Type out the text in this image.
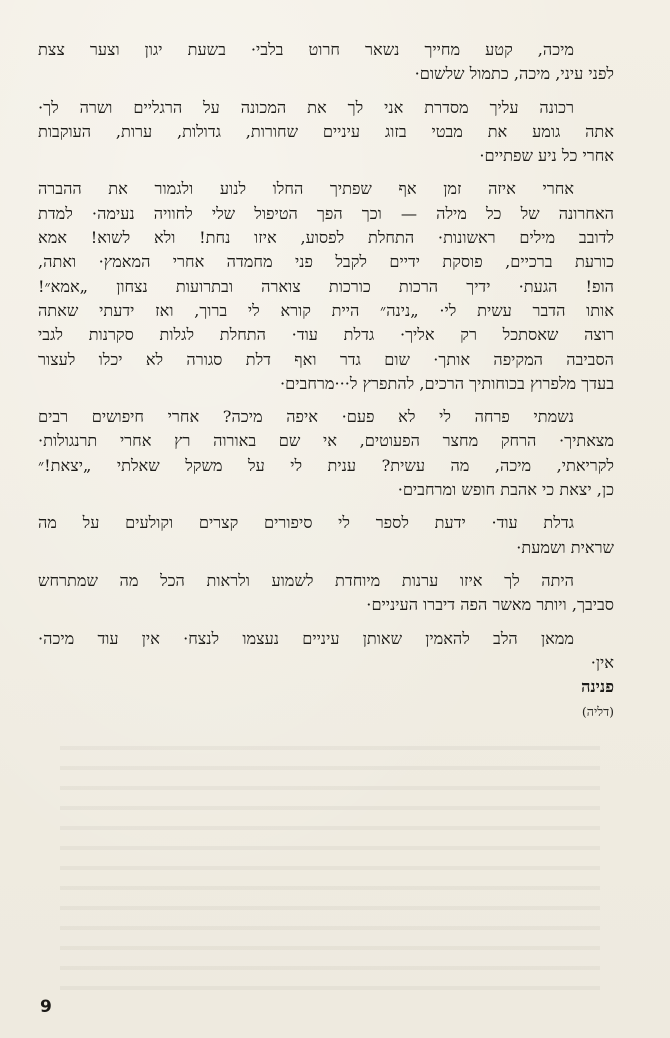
מיכה, קטע מחייך נשאר חרוט בלבי· בשעת יגון וצער צצת
לפני עיני, מיכה, כתמול שלשום·
רכונה עליך מסדרת אני לך את המכונה על הרגליים ושרה לך·
אתה גומע את מבטי בזוג עיניים שחורות, גדולות, ערות, העוקבות
אחרי כל ניע שפתיים·
אחרי איזה זמן אף שפתיך החלו לנוע ולגמור את ההברה
האחרונה של כל מילה — וכך הפך הטיפול שלי לחוויה נעימה· למדת
לדובב מילים ראשונות· התחלת לפסוע, איזו נחת! ולא לשוא! אמא
כורעת ברכיים, פוסקת ידיים לקבל פני מחמדה אחרי המאמץ· ואתה,
הופ! הגעת· ידיך הרכות כורכות צוארה ובתרועות נצחון „אמא״!
אותו הדבר עשית לי· „נינה״ היית קורא לי ברוך, ואז ידעתי שאתה
רוצה שאסתכל רק אליך· גדלת עוד· התחלת לגלות סקרנות לגבי
הסביבה המקיפה אותך· שום גדר ואף דלת סגורה לא יכלו לעצור
בעדך מלפרוץ בכוחותיך הרכים, להתפרץ ל···מרחבים·
נשמתי פרחה לי לא פעם· איפה מיכה? אחרי חיפושים רבים
מצאתיך· הרחק מחצר הפעוטים, אי שם באורוה רץ אחרי תרנגולות·
לקריאתי, מיכה, מה עשית? ענית לי על משקל שאלתי „יצאת!״
כן, יצאת כי אהבת חופש ומרחבים·
גדלת עוד· ידעת לספר לי סיפורים קצרים וקולעים על מה
שראית ושמעת·
היתה לך איזו ערנות מיוחדת לשמוע ולראות הכל מה שמתרחש
סביבך, ויותר מאשר הפה דיברו העיניים·
ממאן הלב להאמין שאותן עיניים נעצמו לנצח· אין עוד מיכה·
אין·
פנינה
(דליה)
9
